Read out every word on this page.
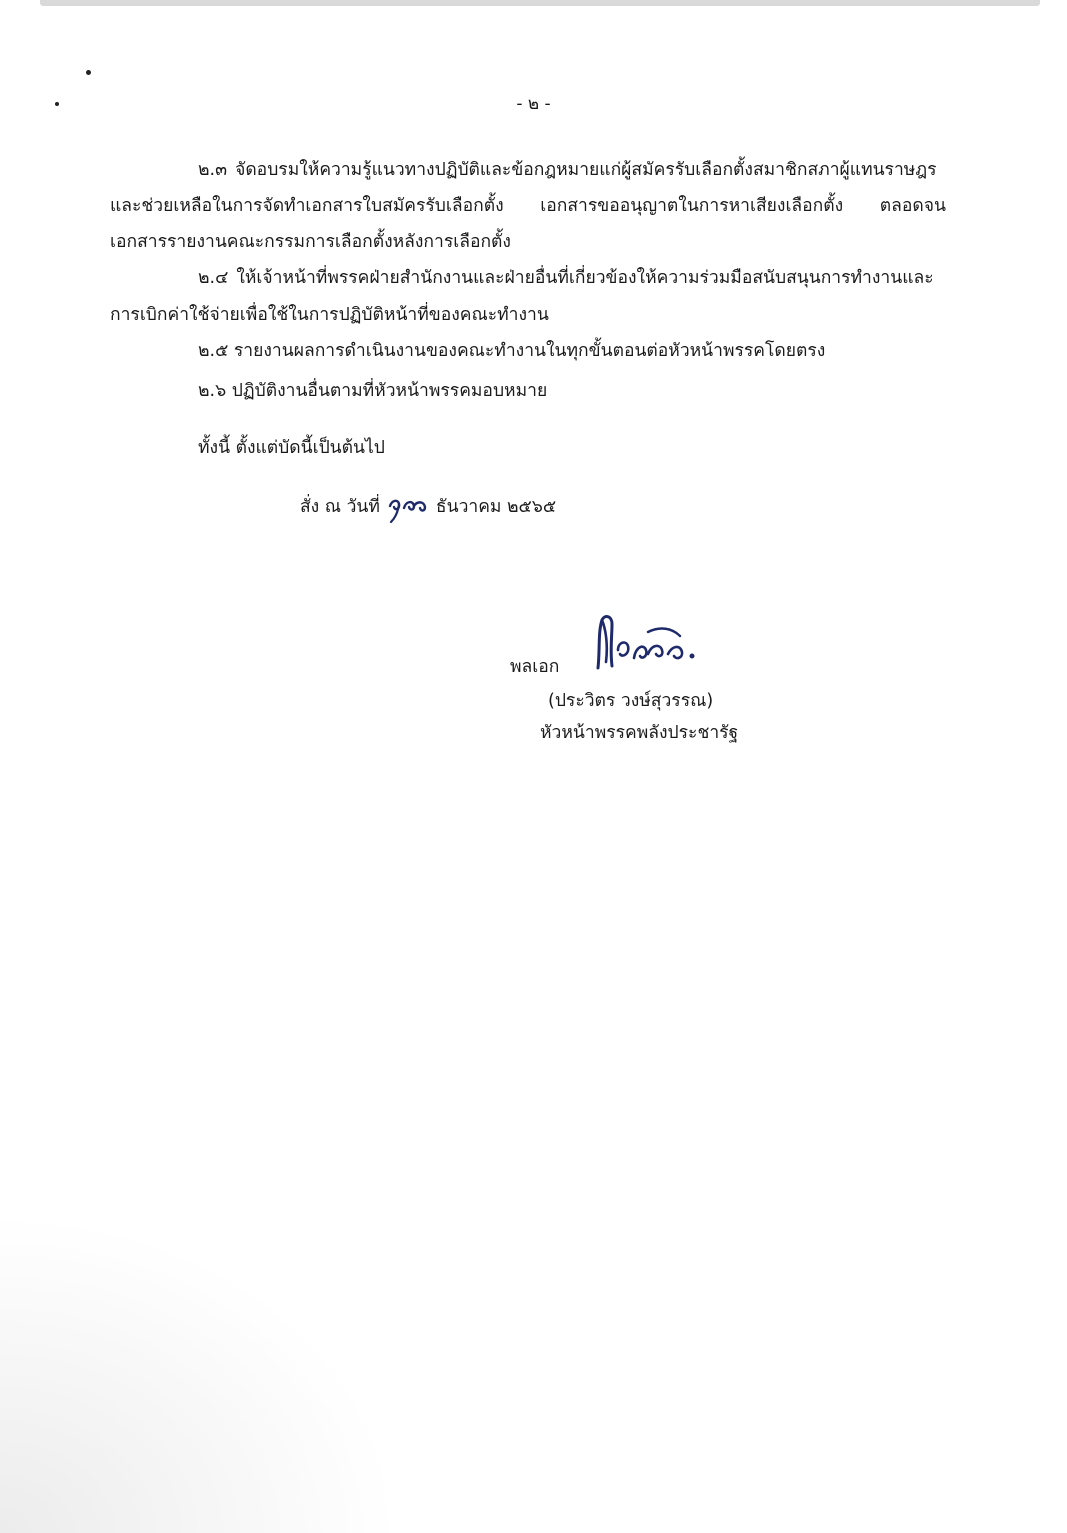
- ๒ -
๒.๓ จัดอบรมให้ความรู้แนวทางปฏิบัติและข้อกฎหมายแก่ผู้สมัครรับเลือกตั้งสมาชิกสภาผู้แทนราษฎร
และช่วยเหลือในการจัดทำเอกสารใบสมัครรับเลือกตั้ง เอกสารขออนุญาตในการหาเสียงเลือกตั้ง ตลอดจน
เอกสารรายงานคณะกรรมการเลือกตั้งหลังการเลือกตั้ง
๒.๔ ให้เจ้าหน้าที่พรรคฝ่ายสำนักงานและฝ่ายอื่นที่เกี่ยวข้องให้ความร่วมมือสนับสนุนการทำงานและ
การเบิกค่าใช้จ่ายเพื่อใช้ในการปฏิบัติหน้าที่ของคณะทำงาน
๒.๕ รายงานผลการดำเนินงานของคณะทำงานในทุกขั้นตอนต่อหัวหน้าพรรคโดยตรง
๒.๖ ปฏิบัติงานอื่นตามที่หัวหน้าพรรคมอบหมาย
ทั้งนี้ ตั้งแต่บัดนี้เป็นต้นไป
สั่ง ณ วันที่	ธันวาคม ๒๕๖๕
พลเอก
(ประวิตร วงษ์สุวรรณ)
หัวหน้าพรรคพลังประชารัฐ
